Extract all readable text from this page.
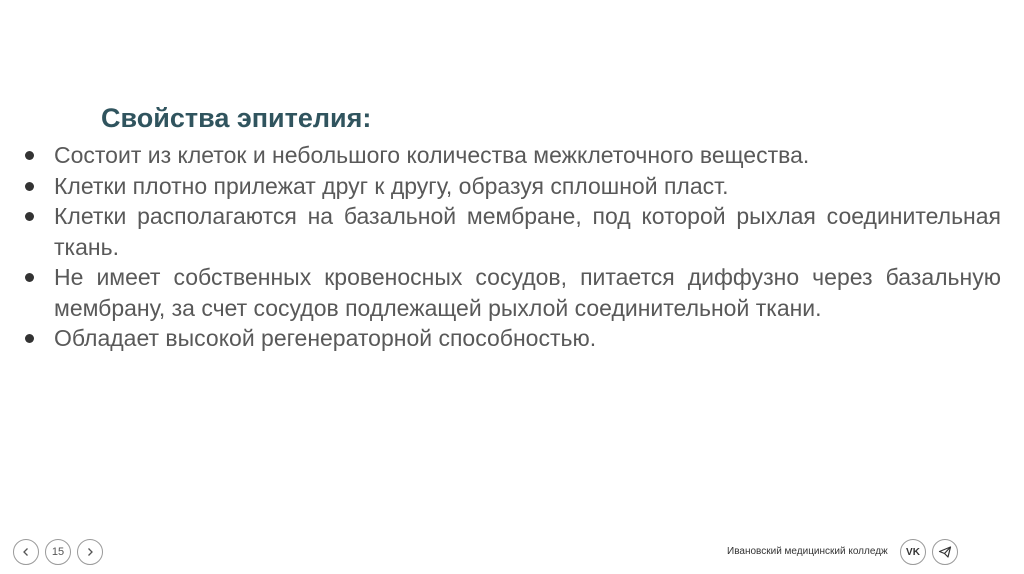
Свойства эпителия:
Состоит из клеток и небольшого количества межклеточного вещества.
Клетки плотно прилежат друг к другу, образуя сплошной пласт.
Клетки располагаются на базальной мембране, под которой рыхлая соединительная ткань.
Не имеет собственных кровеносных сосудов, питается диффузно через базальную мембрану, за счет сосудов подлежащей рыхлой соединительной ткани.
Обладает высокой регенераторной способностью.
15	Ивановский медицинский колледж VK
